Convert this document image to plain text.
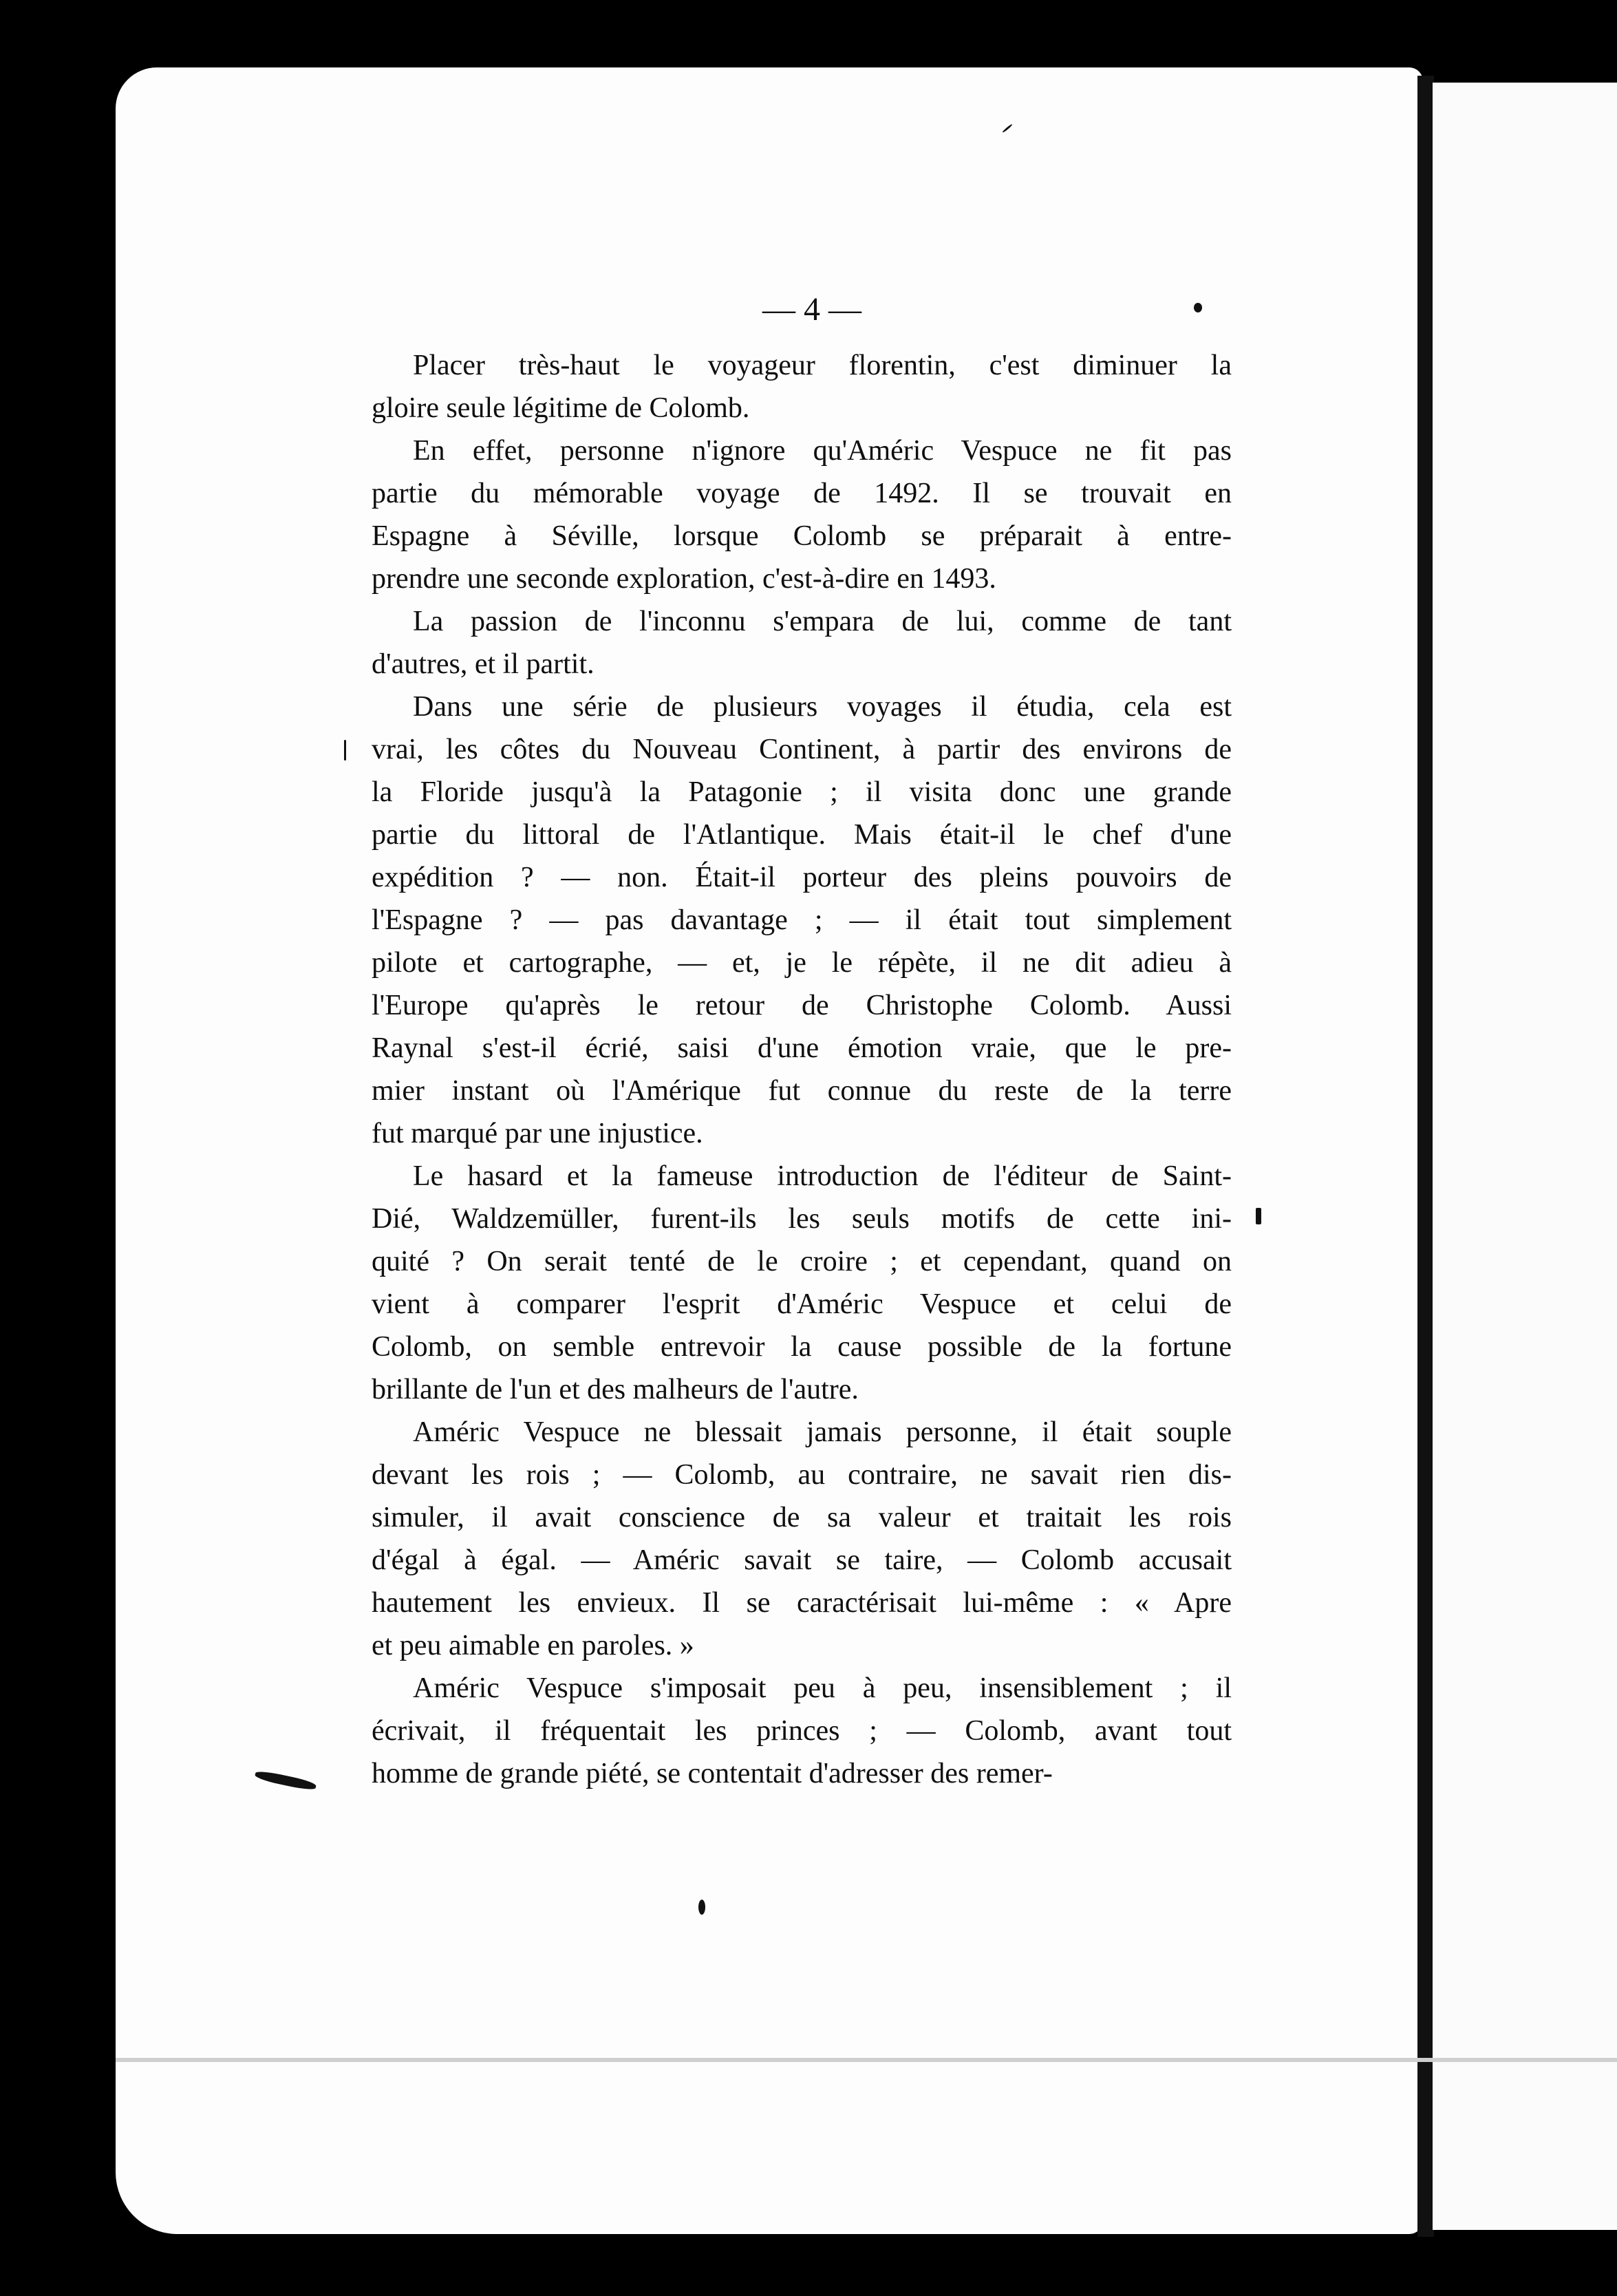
— 4 —
Placer très-haut le voyageur florentin, c'est diminuer la
gloire seule légitime de Colomb.
En effet, personne n'ignore qu'Améric Vespuce ne fit pas
partie du mémorable voyage de 1492. Il se trouvait en
Espagne à Séville, lorsque Colomb se préparait à entre-
prendre une seconde exploration, c'est-à-dire en 1493.
La passion de l'inconnu s'empara de lui, comme de tant
d'autres, et il partit.
Dans une série de plusieurs voyages il étudia, cela est
vrai, les côtes du Nouveau Continent, à partir des environs de
la Floride jusqu'à la Patagonie ; il visita donc une grande
partie du littoral de l'Atlantique. Mais était-il le chef d'une
expédition ? — non. Était-il porteur des pleins pouvoirs de
l'Espagne ? — pas davantage ; — il était tout simplement
pilote et cartographe, — et, je le répète, il ne dit adieu à
l'Europe qu'après le retour de Christophe Colomb. Aussi
Raynal s'est-il écrié, saisi d'une émotion vraie, que le pre-
mier instant où l'Amérique fut connue du reste de la terre
fut marqué par une injustice.
Le hasard et la fameuse introduction de l'éditeur de Saint-
Dié, Waldzemüller, furent-ils les seuls motifs de cette ini-
quité ? On serait tenté de le croire ; et cependant, quand on
vient à comparer l'esprit d'Améric Vespuce et celui de
Colomb, on semble entrevoir la cause possible de la fortune
brillante de l'un et des malheurs de l'autre.
Améric Vespuce ne blessait jamais personne, il était souple
devant les rois ; — Colomb, au contraire, ne savait rien dis-
simuler, il avait conscience de sa valeur et traitait les rois
d'égal à égal. — Améric savait se taire, — Colomb accusait
hautement les envieux. Il se caractérisait lui-même : « Apre
et peu aimable en paroles. »
Améric Vespuce s'imposait peu à peu, insensiblement ; il
écrivait, il fréquentait les princes ; — Colomb, avant tout
homme de grande piété, se contentait d'adresser des remer-
